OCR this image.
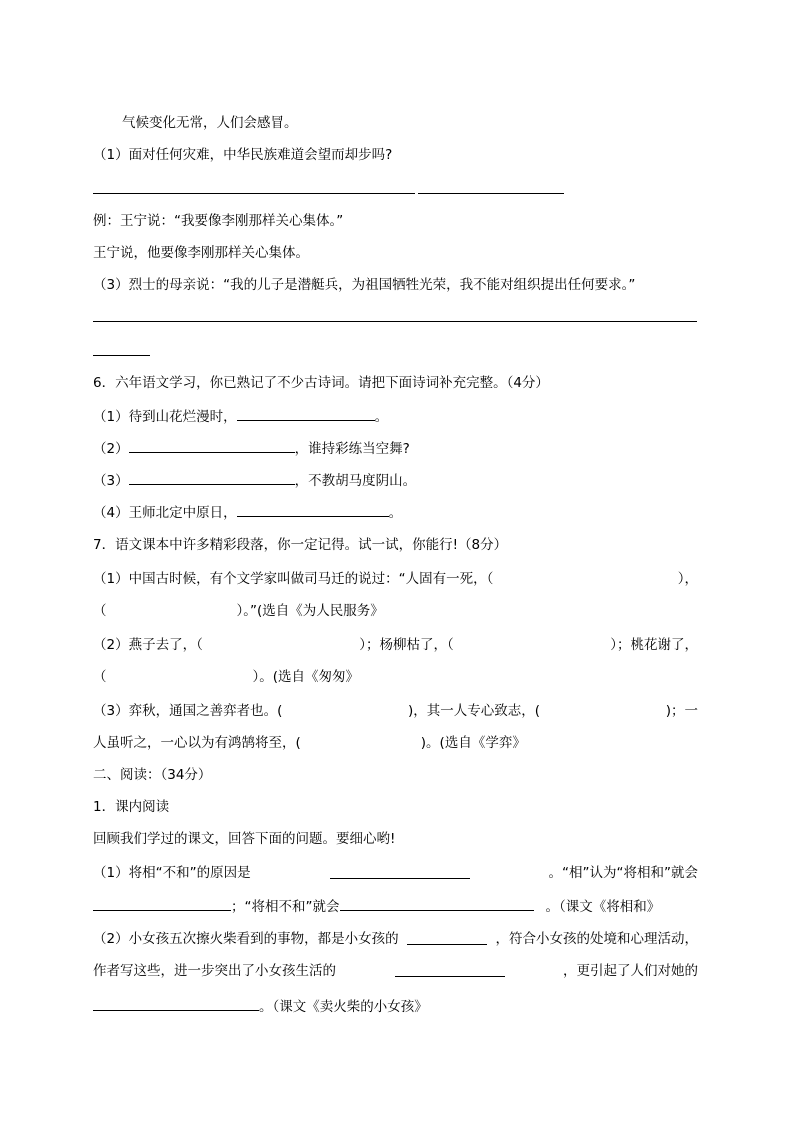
气候变化无常，人们会感冒。
（1）面对任何灾难，中华民族难道会望而却步吗?
例：王宁说：“我要像李刚那样关心集体。”
王宁说，他要像李刚那样关心集体。
（3）烈士的母亲说：“我的儿子是潜艇兵，为祖国牺牲光荣，我不能对组织提出任何要求。”
6．六年语文学习，你已熟记了不少古诗词。请把下面诗词补充完整。（4分）
（1）待到山花烂漫时，	。
（2）	，谁持彩练当空舞?
（3）	，不教胡马度阴山。
（4）王师北定中原日，	。
7．语文课本中许多精彩段落，你一定记得。试一试，你能行!（8分）
（1）中国古时候，有个文学家叫做司马迁的说过：“人固有一死，（	），
（	）。”(选自《为人民服务》
（2）燕子去了，（	）；杨柳枯了，（	）；桃花谢了，
（	）。(选自《匆匆》
（3）弈秋，通国之善弈者也。(	)，其一人专心致志，(	)；一
人虽听之，一心以为有鸿鹄将至，(	)。(选自《学弈》
二、阅读：（34分）
1．课内阅读
回顾我们学过的课文，回答下面的问题。要细心哟!
（1）将相“不和”的原因是	。“相”认为“将相和”就会
；“将相不和”就会	。（课文《将相和》
（2）小女孩五次擦火柴看到的事物，都是小女孩的	，符合小女孩的处境和心理活动，
作者写这些，进一步突出了小女孩生活的	，更引起了人们对她的
。（课文《卖火柴的小女孩》
